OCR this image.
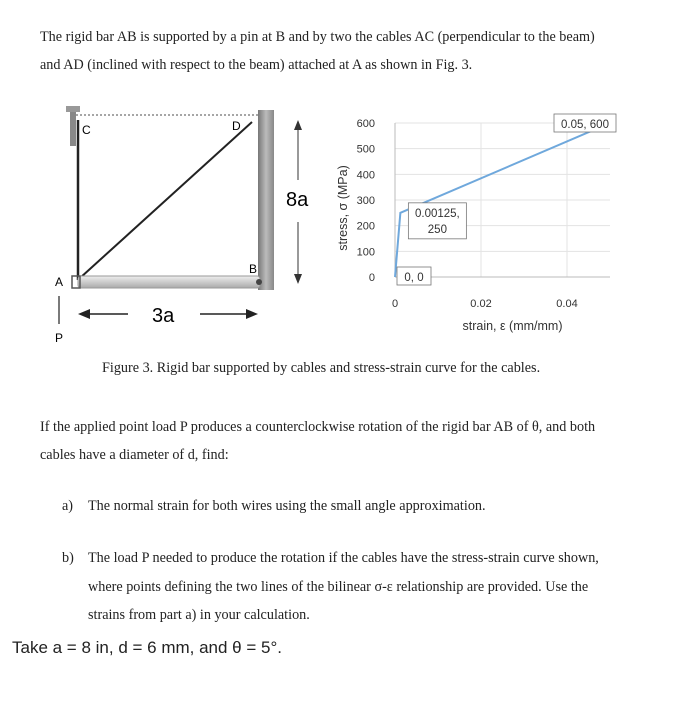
The rigid bar AB is supported by a pin at B and by two the cables AC (perpendicular to the beam)
and AD (inclined with respect to the beam) attached at A as shown in Fig. 3.
C	D
A
B
P
8a
3a	strain, ε (mm/mm)
stress, σ (MPa)
0
100
200
300
400
500
600
0	0.02	0.04
0, 0
0.00125,
250
0.05, 600
Figure 3. Rigid bar supported by cables and stress-strain curve for the cables.
If the applied point load P produces a counterclockwise rotation of the rigid bar AB of θ, and both
cables have a diameter of d, find:
a) The normal strain for both wires using the small angle approximation.
b) The load P needed to produce the rotation if the cables have the stress-strain curve shown,
where points defining the two lines of the bilinear σ-ε relationship are provided. Use the
strains from part a) in your calculation.
Take a = 8 in, d = 6 mm, and θ = 5°.
